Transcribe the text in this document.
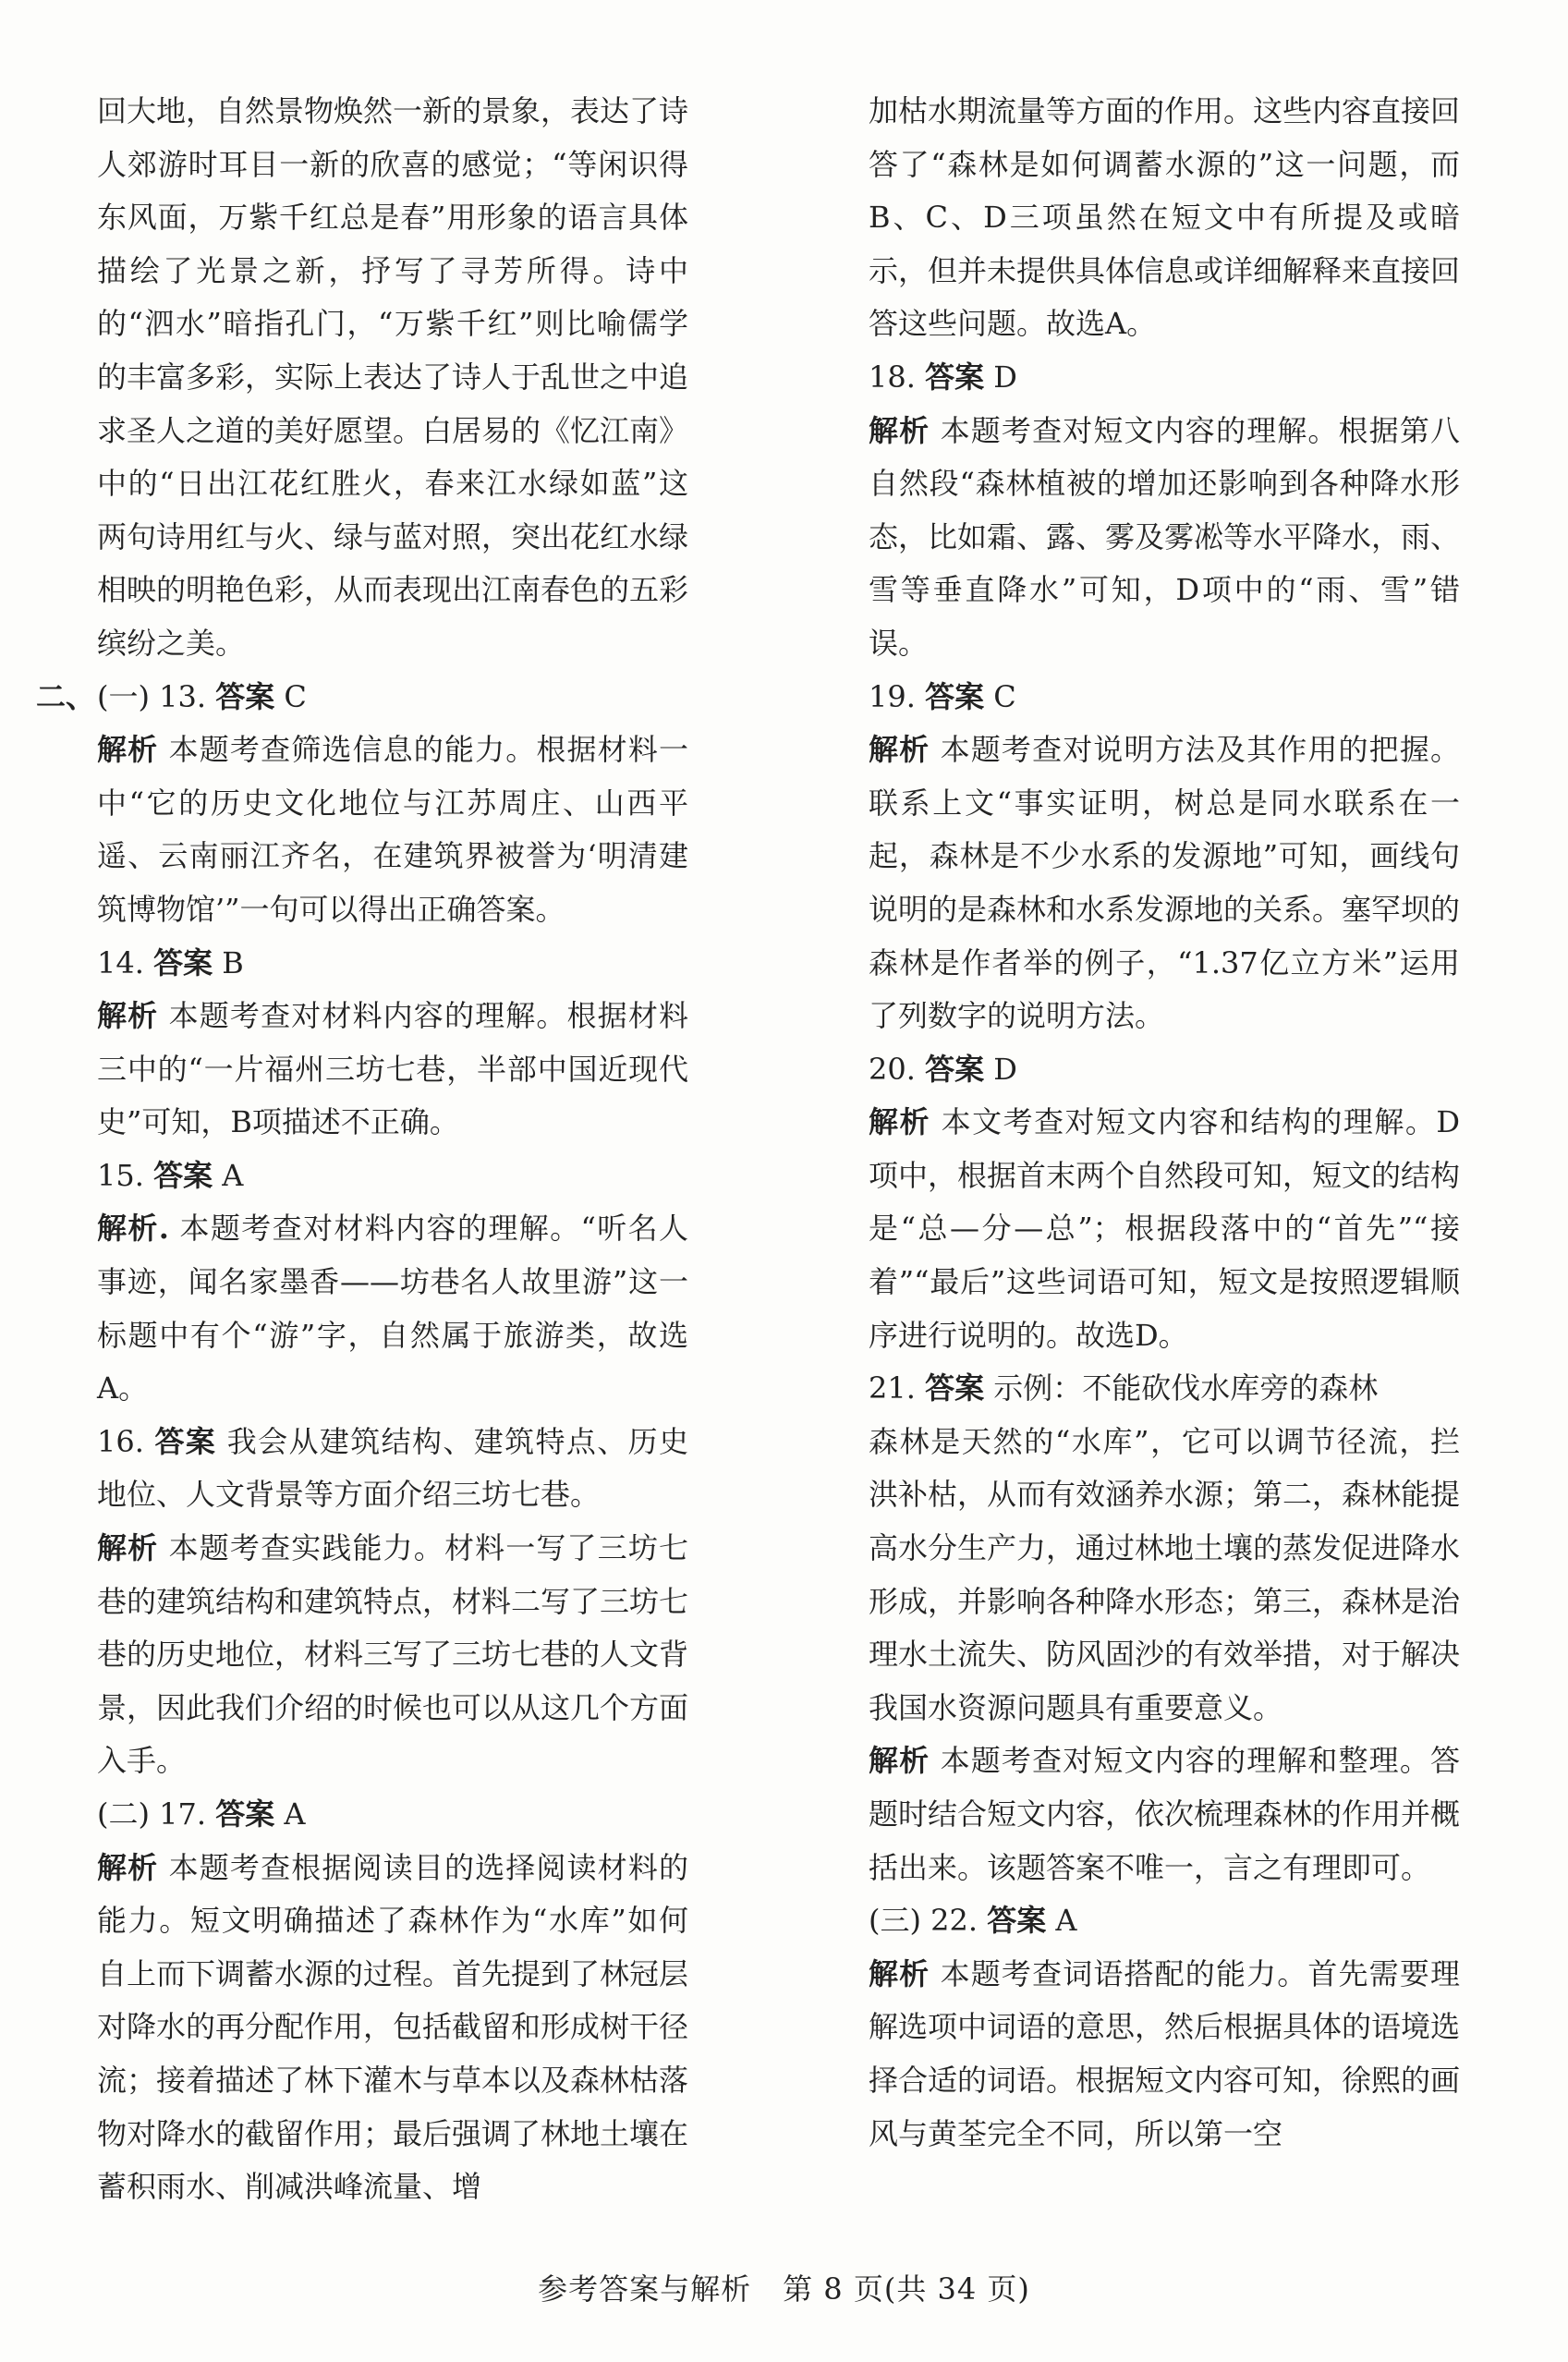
回大地，自然景物焕然一新的景象，表达了诗人郊游时耳目一新的欣喜的感觉；“等闲识得东风面，万紫千红总是春”用形象的语言具体描绘了光景之新，抒写了寻芳所得。诗中的“泗水”暗指孔门，“万紫千红”则比喻儒学的丰富多彩，实际上表达了诗人于乱世之中追求圣人之道的美好愿望。白居易的《忆江南》中的“日出江花红胜火，春来江水绿如蓝”这两句诗用红与火、绿与蓝对照，突出花红水绿相映的明艳色彩，从而表现出江南春色的五彩缤纷之美。

二、 (一) 13. 答案 C

解析 本题考查筛选信息的能力。根据材料一中“它的历史文化地位与江苏周庄、山西平遥、云南丽江齐名，在建筑界被誉为‘明清建筑博物馆’”一句可以得出正确答案。

14. 答案 B

解析 本题考查对材料内容的理解。根据材料三中的“一片福州三坊七巷，半部中国近现代史”可知，B项描述不正确。

15. 答案 A

解析. 本题考查对材料内容的理解。“听名人事迹，闻名家墨香——坊巷名人故里游”这一标题中有个“游”字，自然属于旅游类，故选A。

16. 答案 我会从建筑结构、建筑特点、历史地位、人文背景等方面介绍三坊七巷。

解析 本题考查实践能力。材料一写了三坊七巷的建筑结构和建筑特点，材料二写了三坊七巷的历史地位，材料三写了三坊七巷的人文背景，因此我们介绍的时候也可以从这几个方面入手。

(二) 17. 答案 A

解析 本题考查根据阅读目的选择阅读材料的能力。短文明确描述了森林作为“水库”如何自上而下调蓄水源的过程。首先提到了林冠层对降水的再分配作用，包括截留和形成树干径流；接着描述了林下灌木与草本以及森林枯落物对降水的截留作用；最后强调了林地土壤在蓄积雨水、削减洪峰流量、增

加枯水期流量等方面的作用。这些内容直接回答了“森林是如何调蓄水源的”这一问题，而B、C、D三项虽然在短文中有所提及或暗示，但并未提供具体信息或详细解释来直接回答这些问题。故选A。

18. 答案 D

解析 本题考查对短文内容的理解。根据第八自然段“森林植被的增加还影响到各种降水形态，比如霜、露、雾及雾凇等水平降水，雨、雪等垂直降水”可知，D项中的“雨、雪”错误。

19. 答案 C

解析 本题考查对说明方法及其作用的把握。联系上文“事实证明，树总是同水联系在一起，森林是不少水系的发源地”可知，画线句说明的是森林和水系发源地的关系。塞罕坝的森林是作者举的例子，“1.37亿立方米”运用了列数字的说明方法。

20. 答案 D

解析 本文考查对短文内容和结构的理解。D项中，根据首末两个自然段可知，短文的结构是“总—分—总”；根据段落中的“首先”“接着”“最后”这些词语可知，短文是按照逻辑顺序进行说明的。故选D。

21. 答案 示例：不能砍伐水库旁的森林

森林是天然的“水库”，它可以调节径流，拦洪补枯，从而有效涵养水源；第二，森林能提高水分生产力，通过林地土壤的蒸发促进降水形成，并影响各种降水形态；第三，森林是治理水土流失、防风固沙的有效举措，对于解决我国水资源问题具有重要意义。

解析 本题考查对短文内容的理解和整理。答题时结合短文内容，依次梳理森林的作用并概括出来。该题答案不唯一，言之有理即可。

(三) 22. 答案 A

解析 本题考查词语搭配的能力。首先需要理解选项中词语的意思，然后根据具体的语境选择合适的词语。根据短文内容可知，徐熙的画风与黄荃完全不同，所以第一空

参考答案与解析 第 8 页(共 34 页)
